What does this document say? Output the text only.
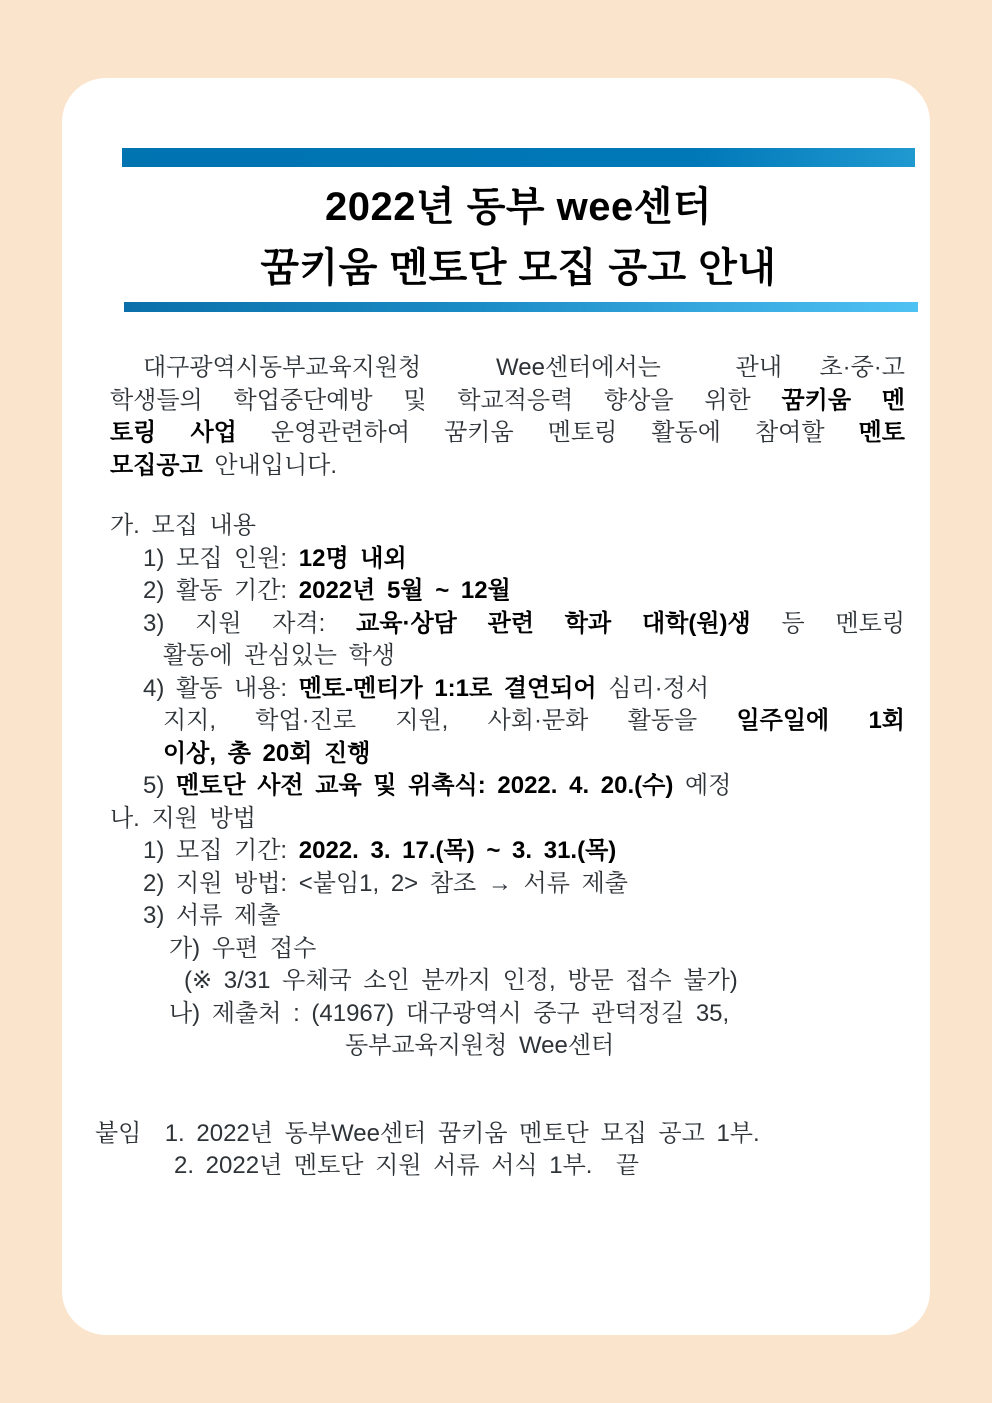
2022년 동부 wee센터
꿈키움 멘토단 모집 공고 안내
대구광역시동부교육지원청  Wee센터에서는  관내 초·중·고
학생들의 학업중단예방 및 학교적응력 향상을 위한 꿈키움 멘
토링 사업 운영관련하여 꿈키움 멘토링 활동에 참여할 멘토
모집공고 안내입니다.
가. 모집 내용
1) 모집 인원: 12명 내외
2) 활동 기간: 2022년 5월 ~ 12월
3) 지원 자격: 교육·상담 관련 학과 대학(원)생 등 멘토링
활동에 관심있는 학생
4) 활동 내용: 멘토-멘티가 1:1로 결연되어 심리·정서
지지, 학업·진로 지원, 사회·문화 활동을 일주일에 1회
이상, 총 20회 진행
5) 멘토단 사전 교육 및 위촉식: 2022. 4. 20.(수) 예정
나. 지원 방법
1) 모집 기간: 2022. 3. 17.(목) ~ 3. 31.(목)
2) 지원 방법: <붙임1, 2> 참조 → 서류 제출
3) 서류 제출
가) 우편 접수
(※ 3/31 우체국 소인 분까지 인정, 방문 접수 불가)
나) 제출처 : (41967) 대구광역시 중구 관덕정길 35,
동부교육지원청 Wee센터
붙임  1. 2022년 동부Wee센터 꿈키움 멘토단 모집 공고 1부.
2. 2022년 멘토단 지원 서류 서식 1부.  끝
